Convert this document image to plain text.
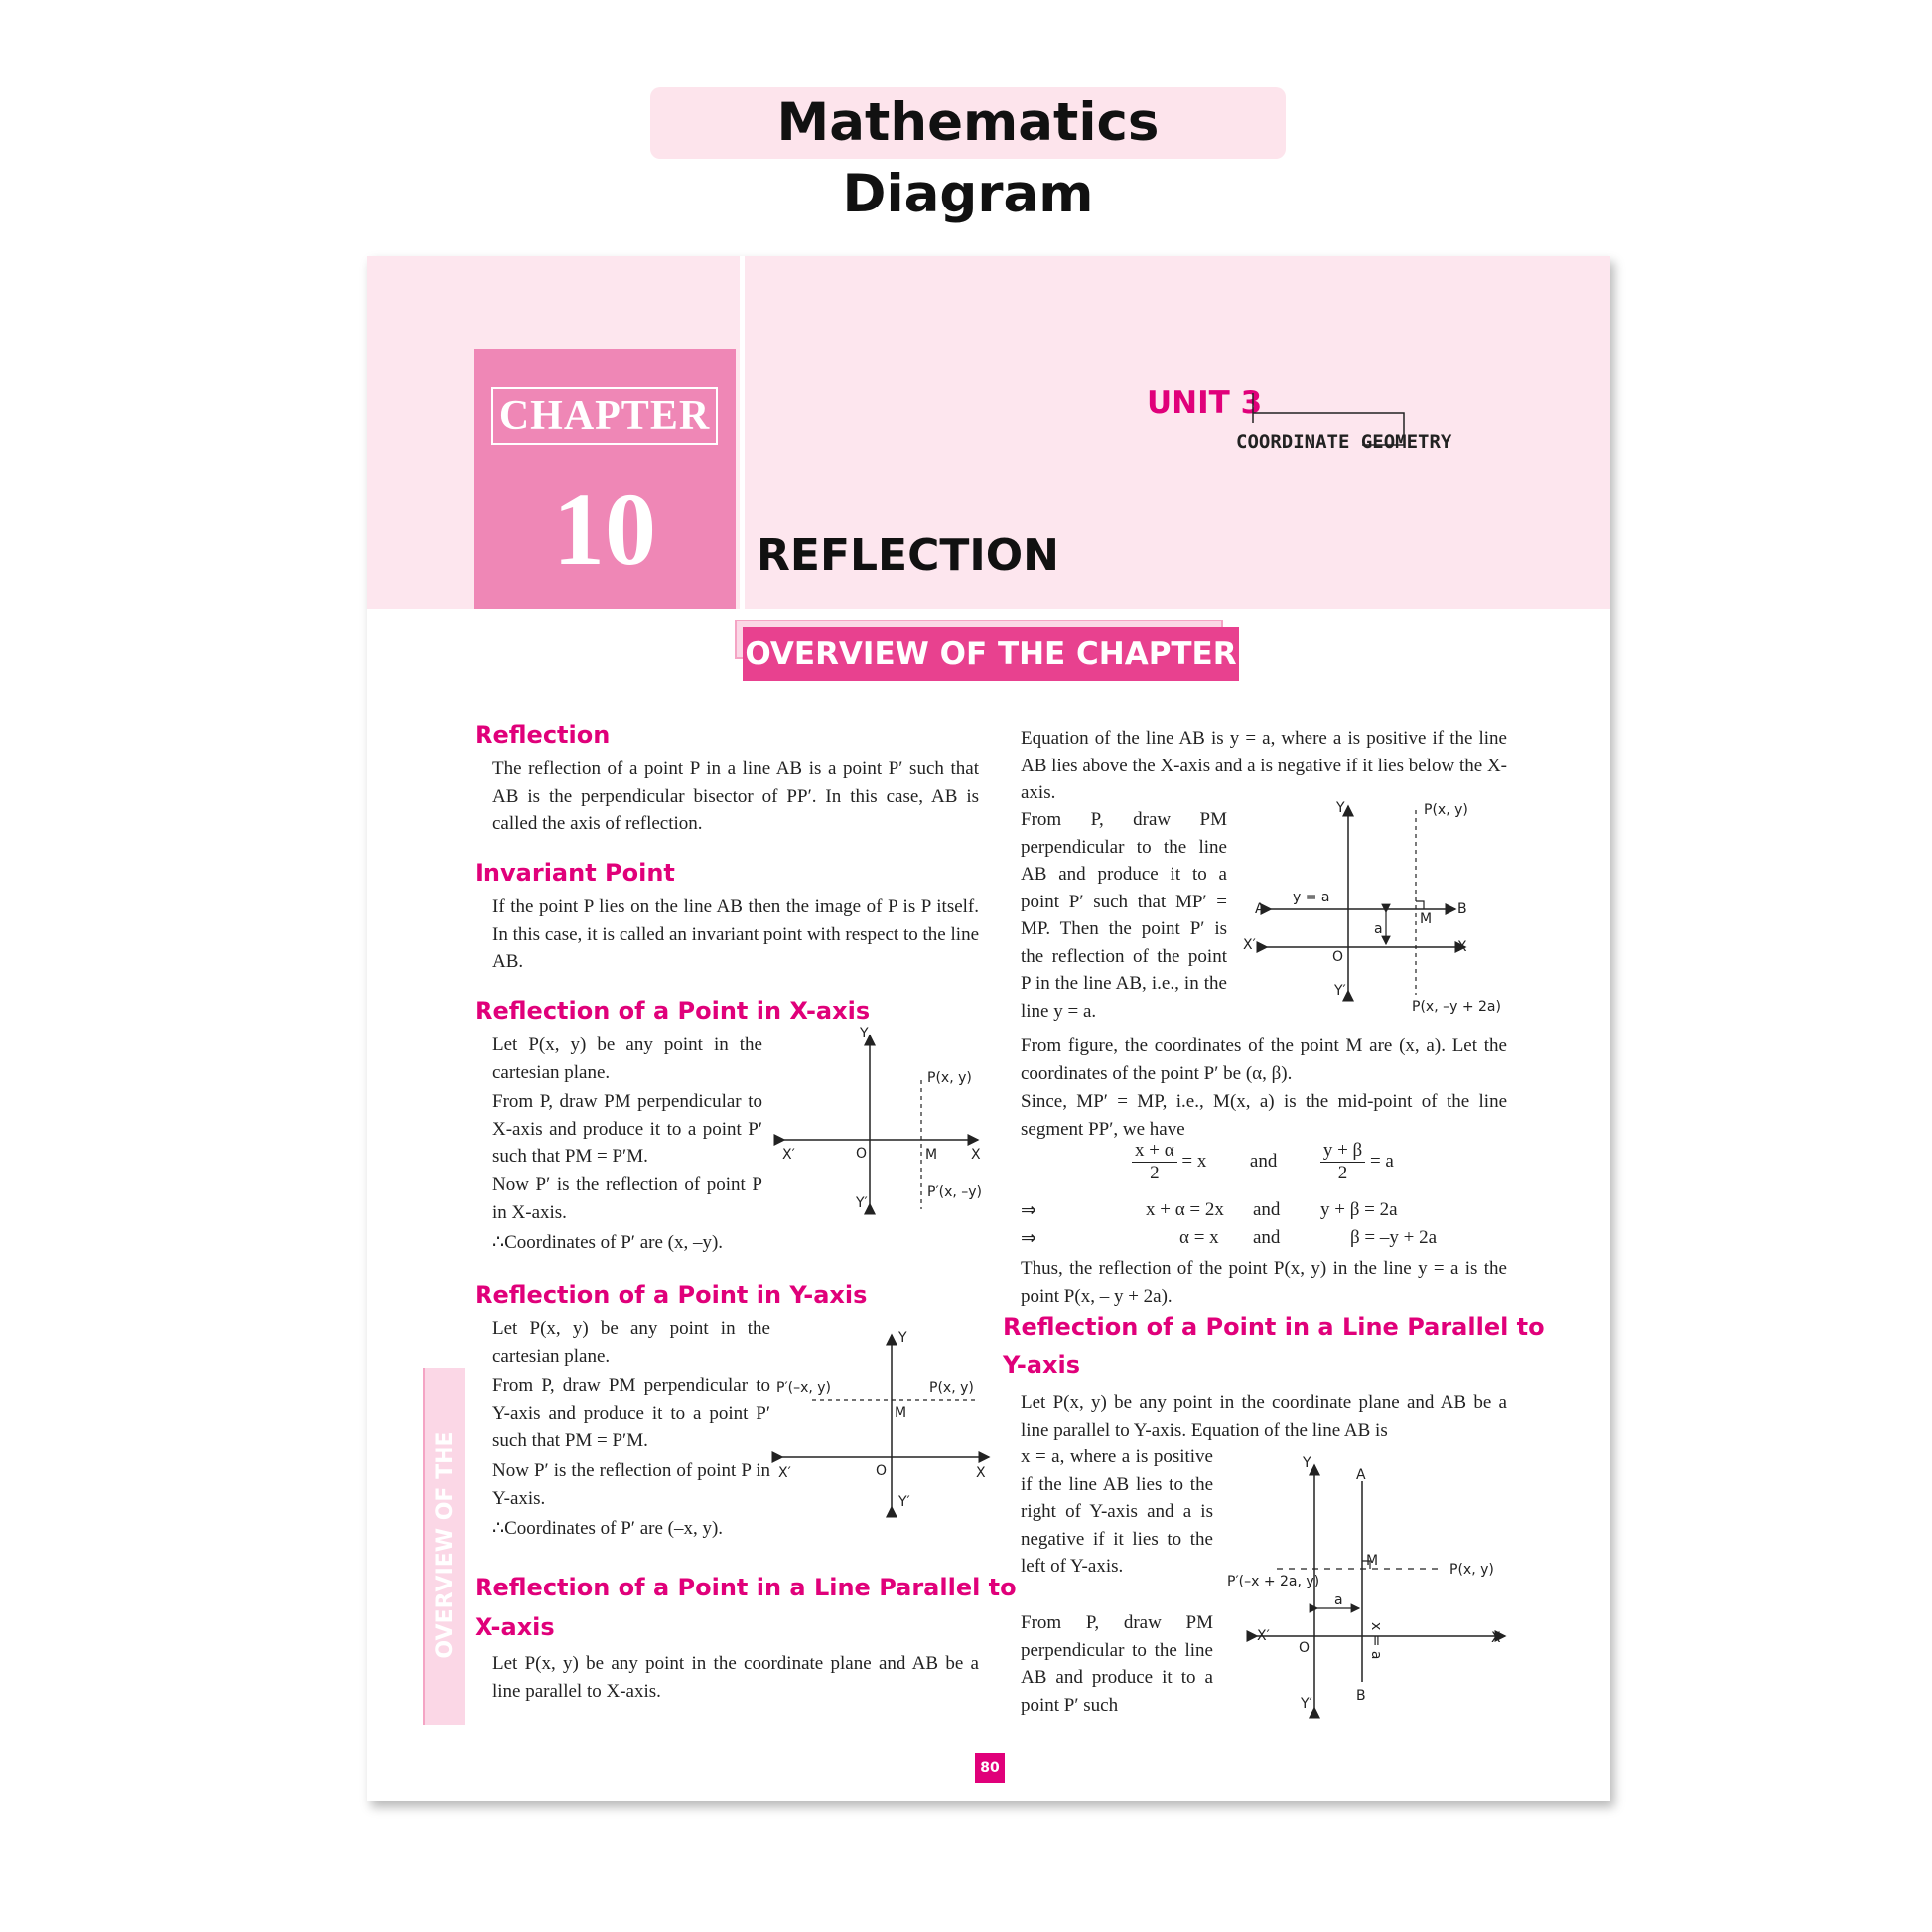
Mathematics Diagram
CHAPTER
10	REFLECTION
UNIT 3
COORDINATE GEOMETRY
OVERVIEW OF THE CHAPTER
OVERVIEW OF THE CHAPTER
Reflection

The reflection of a point P in a line AB is a point P′ such that AB is the perpendicular bisector of PP′. In this case, AB is called the axis of reflection.

Invariant Point

If the point P lies on the line AB then the image of P is P itself. In this case, it is called an invariant point with respect to the line AB.

Reflection of a Point in X-axis

Let P(x, y) be any point in the cartesian plane.

From P, draw PM perpendicular to X-axis and produce it to a point P′ such that PM = P′M.

Now P′ is the reflection of point P in X-axis.

∴Coordinates of P′ are (x, –y).

Y
Y′
X
X′	O	M
P(x, y)
P′(x, –y)
Reflection of a Point in Y-axis

Let P(x, y) be any point in the cartesian plane.

From P, draw PM perpendicular to Y-axis and produce it to a point P′ such that PM = P′M.

Now P′ is the reflection of point P in Y-axis.

∴Coordinates of P′ are (–x, y).

Y
Y′
X
X′	O
M
P(x, y)
P′(–x, y)
Reflection of a Point in a Line Parallel to
X-axis

Let P(x, y) be any point in the coordinate plane and AB be a line parallel to X-axis.

Equation of the line AB is y = a, where a is positive if the line AB lies above the X-axis and a is negative if it lies below the X-axis.

From P, draw PM perpendicular to the line AB and produce it to a point P′ such that MP′ = MP. Then the point P′ is the reflection of the point P in the line AB, i.e., in the line y = a.

Y
Y′
X
X′
O
A	B
M
y = a
a
P(x, y)
P(x, –y + 2a)

From figure, the coordinates of the point M are (x, a). Let the coordinates of the point P′ be (α, β).

Since, MP′ = MP, i.e., M(x, a) is the mid-point of the line segment PP′, we have

$\frac{x + \alpha}{2} = x$ and $\frac{y + \beta}{2} = a$
⇒	x + α = 2x and y + β = 2a
⇒	α = x and	β = –y + 2a

Thus, the reflection of the point P(x, y) in the line y = a is the point P(x, – y + 2a).

Reflection of a Point in a Line Parallel to
Y-axis

Let P(x, y) be any point in the coordinate plane and AB be a line parallel to Y-axis. Equation of the line AB is

x = a, where a is positive if the line AB lies to the right of Y-axis and a is negative if it lies to the left of Y-axis.

From P, draw PM perpendicular to the line AB and produce it to a point P′ such

Y
Y′
X
X′
O
A
B
M
a
P(x, y)
P′(–x + 2a, y)
x = a
80
